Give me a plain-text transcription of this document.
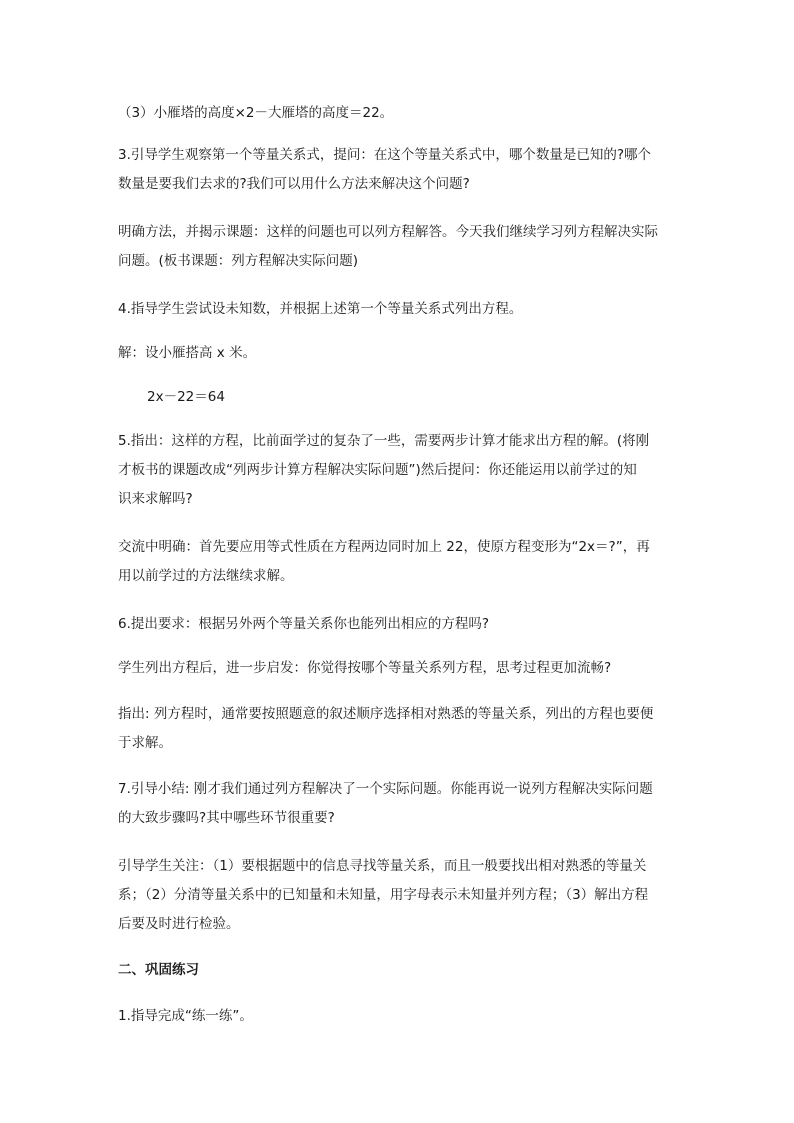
（3）小雁塔的高度×2－大雁塔的高度＝22。
3.引导学生观察第一个等量关系式，提问：在这个等量关系式中，哪个数量是已知的?哪个
数量是要我们去求的?我们可以用什么方法来解决这个问题?
明确方法，并揭示课题：这样的问题也可以列方程解答。今天我们继续学习列方程解决实际
问题。(板书课题：列方程解决实际问题)
4.指导学生尝试设未知数，并根据上述第一个等量关系式列出方程。
解：设小雁搭高 x 米。
2x－22＝64
5.指出：这样的方程，比前面学过的复杂了一些，需要两步计算才能求出方程的解。(将刚
才板书的课题改成“列两步计算方程解决实际问题”)然后提问：你还能运用以前学过的知
识来求解吗?
交流中明确：首先要应用等式性质在方程两边同时加上 22，使原方程变形为“2x＝?”，再
用以前学过的方法继续求解。
6.提出要求：根据另外两个等量关系你也能列出相应的方程吗?
学生列出方程后，进一步启发：你觉得按哪个等量关系列方程，思考过程更加流畅?
指出: 列方程时，通常要按照题意的叙述顺序选择相对熟悉的等量关系，列出的方程也要便
于求解。
7.引导小结: 刚才我们通过列方程解决了一个实际问题。你能再说一说列方程解决实际问题
的大致步骤吗?其中哪些环节很重要?
引导学生关注：（1）要根据题中的信息寻找等量关系，而且一般要找出相对熟悉的等量关
系；（2）分清等量关系中的已知量和未知量，用字母表示未知量并列方程；（3）解出方程
后要及时进行检验。
二、巩固练习
1.指导完成“练一练”。
